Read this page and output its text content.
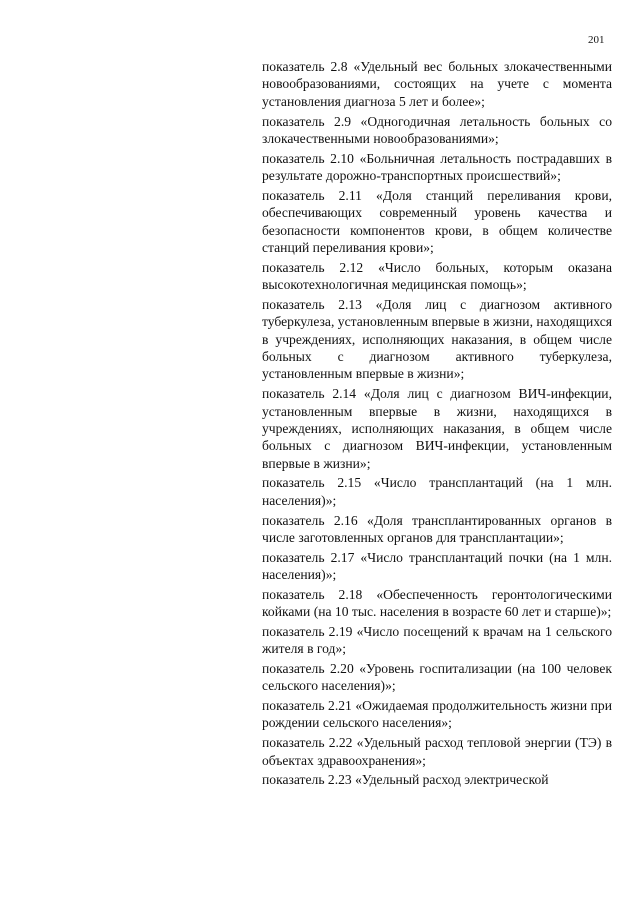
201

показатель 2.8 «Удельный вес больных злокачественными новообразованиями, состоящих на учете с момента установления диагноза 5 лет и более»;

показатель 2.9 «Одногодичная летальность больных со злокачественными новообразованиями»;

показатель 2.10 «Больничная летальность пострадавших в результате дорожно-транспортных происшествий»;

показатель 2.11 «Доля станций переливания крови, обеспечивающих современный уровень качества и безопасности компонентов крови, в общем количестве станций переливания крови»;

показатель 2.12 «Число больных, которым оказана высокотехнологичная медицинская помощь»;

показатель 2.13 «Доля лиц с диагнозом активного туберкулеза, установленным впервые в жизни, находящихся в учреждениях, исполняющих наказания, в общем числе больных с диагнозом активного туберкулеза, установленным впервые в жизни»;

показатель 2.14 «Доля лиц с диагнозом ВИЧ-инфекции, установленным впервые в жизни, находящихся в учреждениях, исполняющих наказания, в общем числе больных с диагнозом ВИЧ-инфекции, установленным впервые в жизни»;

показатель 2.15 «Число трансплантаций (на 1 млн. населения)»;

показатель 2.16 «Доля трансплантированных органов в числе заготовленных органов для трансплантации»;

показатель 2.17 «Число трансплантаций почки (на 1 млн. населения)»;

показатель 2.18 «Обеспеченность геронтологическими койками (на 10 тыс. населения в возрасте 60 лет и старше)»;

показатель 2.19 «Число посещений к врачам на 1 сельского жителя в год»;

показатель 2.20 «Уровень госпитализации (на 100 человек сельского населения)»;

показатель 2.21 «Ожидаемая продолжительность жизни при рождении сельского населения»;

показатель 2.22 «Удельный расход тепловой энергии (ТЭ) в объектах здравоохранения»;

показатель 2.23 «Удельный расход электрической
